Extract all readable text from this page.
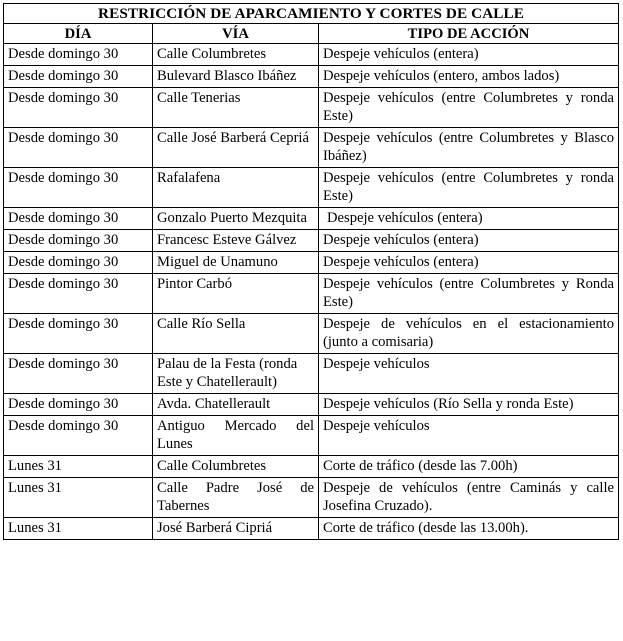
RESTRICCIÓN DE APARCAMIENTO Y CORTES DE CALLE		
DÍA	VÍA	TIPO DE ACCIÓN
Desde domingo 30	Calle Columbretes	Despeje vehículos (entera)
Desde domingo 30	Bulevard Blasco Ibáñez	Despeje vehículos (entero, ambos lados)
Desde domingo 30	Calle Tenerias	Despeje vehículos (entre Columbretes y ronda Este)
Desde domingo 30	Calle José Barberá Cepriá	Despeje vehículos (entre Columbretes y Blasco Ibáñez)
Desde domingo 30	Rafalafena	Despeje vehículos (entre Columbretes y ronda Este)
Desde domingo 30	Gonzalo Puerto Mezquita	Despeje vehículos (entera)
Desde domingo 30	Francesc Esteve Gálvez	Despeje vehículos (entera)
Desde domingo 30	Miguel de Unamuno	Despeje vehículos (entera)
Desde domingo 30	Pintor Carbó	Despeje vehículos (entre Columbretes y Ronda Este)
Desde domingo 30	Calle Río Sella	Despeje de vehículos en el estacionamiento (junto a comisaria)
Desde domingo 30	Palau de la Festa (ronda Este y Chatellerault)	Despeje vehículos
Desde domingo 30	Avda. Chatellerault	Despeje vehículos (Río Sella y ronda Este)
Desde domingo 30	Antiguo Mercado del Lunes	Despeje vehículos
Lunes 31	Calle Columbretes	Corte de tráfico (desde las 7.00h)
Lunes 31	Calle Padre José de Tabernes	Despeje de vehículos (entre Caminás y calle Josefina Cruzado).
Lunes 31	José Barberá Cipriá	Corte de tráfico (desde las 13.00h).
